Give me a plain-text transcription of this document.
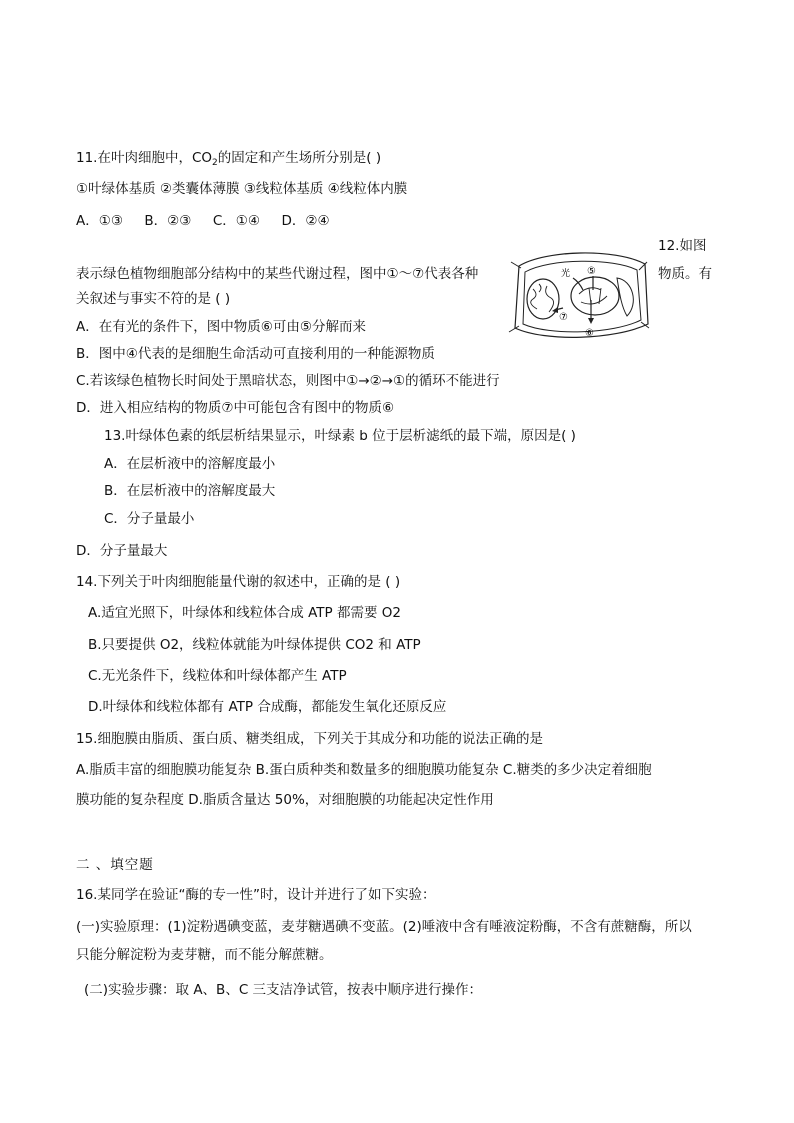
11.在叶肉细胞中，$CO_2$的固定和产生场所分别是( )
①叶绿体基质 ②类囊体薄膜 ③线粒体基质 ④线粒体内膜
A．①③ B．②③ C．①④ D．②④
12.如图
表示绿色植物细胞部分结构中的某些代谢过程，图中①～⑦代表各种	物质。有
关叙述与事实不符的是 ( )
光 ⑤
⑥
⑦
A．在有光的条件下，图中物质⑥可由⑤分解而来
B．图中④代表的是细胞生命活动可直接利用的一种能源物质
C.若该绿色植物长时间处于黑暗状态，则图中①→②→①的循环不能进行
D．进入相应结构的物质⑦中可能包含有图中的物质⑥
13.叶绿体色素的纸层析结果显示，叶绿素 b 位于层析滤纸的最下端，原因是( )
A．在层析液中的溶解度最小
B．在层析液中的溶解度最大
C．分子量最小
D．分子量最大
14.下列关于叶肉细胞能量代谢的叙述中，正确的是 ( )
A.适宜光照下，叶绿体和线粒体合成 ATP 都需要 O2
B.只要提供 O2，线粒体就能为叶绿体提供 CO2 和 ATP
C.无光条件下，线粒体和叶绿体都产生 ATP
D.叶绿体和线粒体都有 ATP 合成酶，都能发生氧化还原反应
15.细胞膜由脂质、蛋白质、糖类组成，下列关于其成分和功能的说法正确的是
A.脂质丰富的细胞膜功能复杂 B.蛋白质种类和数量多的细胞膜功能复杂 C.糖类的多少决定着细胞
膜功能的复杂程度 D.脂质含量达 50%，对细胞膜的功能起决定性作用
二 、填空题
16.某同学在验证“酶的专一性”时，设计并进行了如下实验：
(一)实验原理：(1)淀粉遇碘变蓝，麦芽糖遇碘不变蓝。(2)唾液中含有唾液淀粉酶，不含有蔗糖酶，所以
只能分解淀粉为麦芽糖，而不能分解蔗糖。
(二)实验步骤：取 A、B、C 三支洁净试管，按表中顺序进行操作：
